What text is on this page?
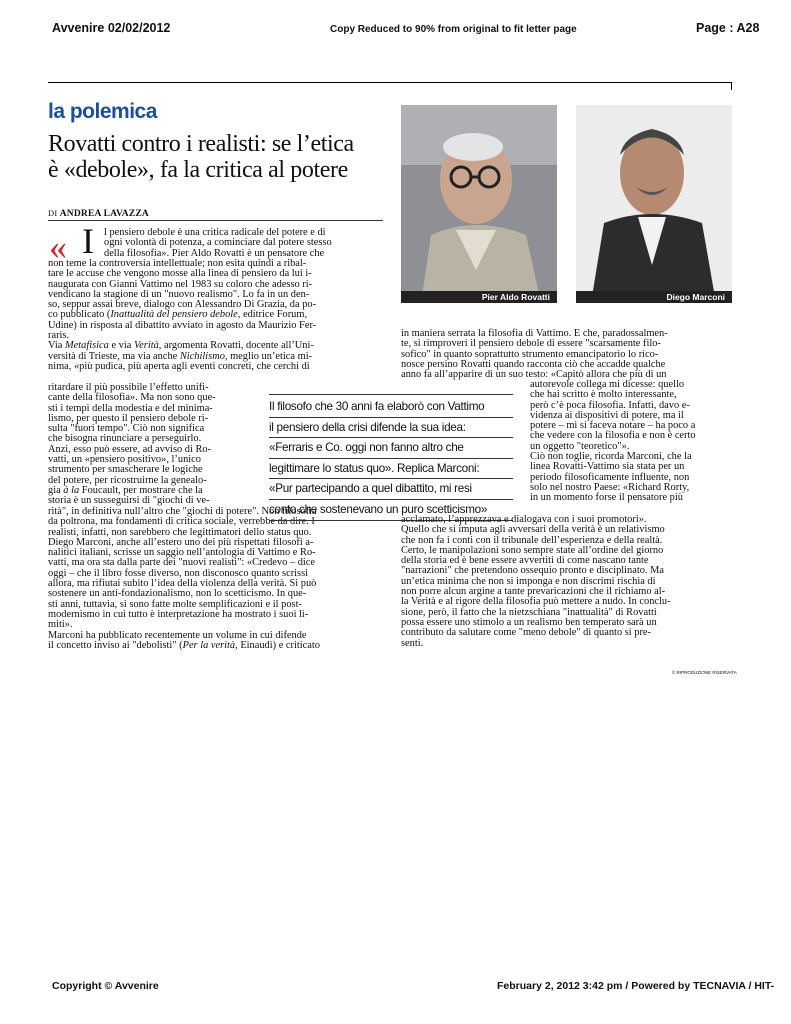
Avvenire 02/02/2012	Copy Reduced to 90% from original to fit letter page	Page : A28
la polemica
Rovatti contro i realisti: se l’etica
è «debole», fa la critica al potere
DI ANDREA LAVAZZA
Pier Aldo Rovatti	Diego Marconi
« I l pensiero debole è una critica radicale del potere e di

ogni volontà di potenza, a cominciare dal potere stesso

della filosofia». Pier Aldo Rovatti è un pensatore che

non teme la controversia intellettuale; non esita quindi a ribal-

tare le accuse che vengono mosse alla linea di pensiero da lui i-

naugurata con Gianni Vattimo nel 1983 su coloro che adesso ri-

vendicano la stagione di un "nuovo realismo". Lo fa in un den-

so, seppur assai breve, dialogo con Alessandro Di Grazia, da po-

co pubblicato (Inattualità del pensiero debole, editrice Forum,

Udine) in risposta al dibattito avviato in agosto da Maurizio Fer-

raris.

Via Metafisica e via Verità, argomenta Rovatti, docente all’Uni-

versità di Trieste, ma via anche Nichilismo, meglio un’etica mi-

nima, «più pudica, più aperta agli eventi concreti, che cerchi di

ritardare il più possibile l’effetto unifi-

cante della filosofia». Ma non sono que-

sti i tempi della modestia e del minima-

lismo, per questo il pensiero debole ri-

sulta "fuori tempo". Ciò non significa

che bisogna rinunciare a perseguirlo.

Anzi, esso può essere, ad avviso di Ro-

vatti, un «pensiero positivo», l’unico

strumento per smascherare le logiche

del potere, per ricostruirne la genealo-

gia à la Foucault, per mostrare che la

storia è un susseguirsi di "giochi di ve-

rità", in definitiva null’altro che "giochi di potere". Non filosofia

da poltrona, ma fondamenti di critica sociale, verrebbe da dire. I

realisti, infatti, non sarebbero che legittimatori dello status quo.

Diego Marconi, anche all’estero uno dei più rispettati filosofi a-

nalitici italiani, scrisse un saggio nell’antologia di Vattimo e Ro-

vatti, ma ora sta dalla parte dei "nuovi realisti": «Credevo – dice

oggi – che il libro fosse diverso, non disconosco quanto scrissi

allora, ma rifiutai subito l’idea della violenza della verità. Si può

sostenere un anti-fondazionalismo, non lo scetticismo. In que-

sti anni, tuttavia, si sono fatte molte semplificazioni e il post-

modernismo in cui tutto è interpretazione ha mostrato i suoi li-

miti».

Marconi ha pubblicato recentemente un volume in cui difende

il concetto inviso ai "debolisti" (Per la verità, Einaudi) e criticato

Il filosofo che 30 anni fa elaborò con Vattimo
il pensiero della crisi difende la sua idea:
«Ferraris e Co. oggi non fanno altro che
legittimare lo status quo». Replica Marconi:
«Pur partecipando a quel dibattito, mi resi
conto che sostenevano un puro scetticismo»

in maniera serrata la filosofia di Vattimo. E che, paradossalmen-

te, si rimproveri il pensiero debole di essere "scarsamente filo-

sofico" in quanto soprattutto strumento emancipatorio lo rico-

nosce persino Rovatti quando racconta ciò che accadde qualche

anno fa all’apparire di un suo testo: «Capitò allora che più di un

autorevole collega mi dicesse: quello

che hai scritto è molto interessante,

però c’è poca filosofia. Infatti, davo e-

videnza ai dispositivi di potere, ma il

potere – mi si faceva notare – ha poco a

che vedere con la filosofia e non è certo

un oggetto "teoretico"».

Ciò non toglie, ricorda Marconi, che la

linea Rovatti-Vattimo sia stata per un

periodo filosoficamente influente, non

solo nel nostro Paese: «Richard Rorty,

in un momento forse il pensatore più

acclamato, l’apprezzava e dialogava con i suoi promotori».

Quello che si imputa agli avversari della verità è un relativismo

che non fa i conti con il tribunale dell’esperienza e della realtà.

Certo, le manipolazioni sono sempre state all’ordine del giorno

della storia ed è bene essere avvertiti di come nascano tante

"narrazioni" che pretendono ossequio pronto e disciplinato. Ma

un’etica minima che non si imponga e non discrimi rischia di

non porre alcun argine a tante prevaricazioni che il richiamo al-

la Verità e al rigore della filosofia può mettere a nudo. In conclu-

sione, però, il fatto che la nietzschiana "inattualità" di Rovatti

possa essere uno stimolo a un realismo ben temperato sarà un

contributo da salutare come "meno debole" di quanto si pre-

senti.

© RIPRODUZIONE RISERVATA
Copyright © Avvenire	February 2, 2012 3:42 pm / Powered by TECNAVIA / HIT-
